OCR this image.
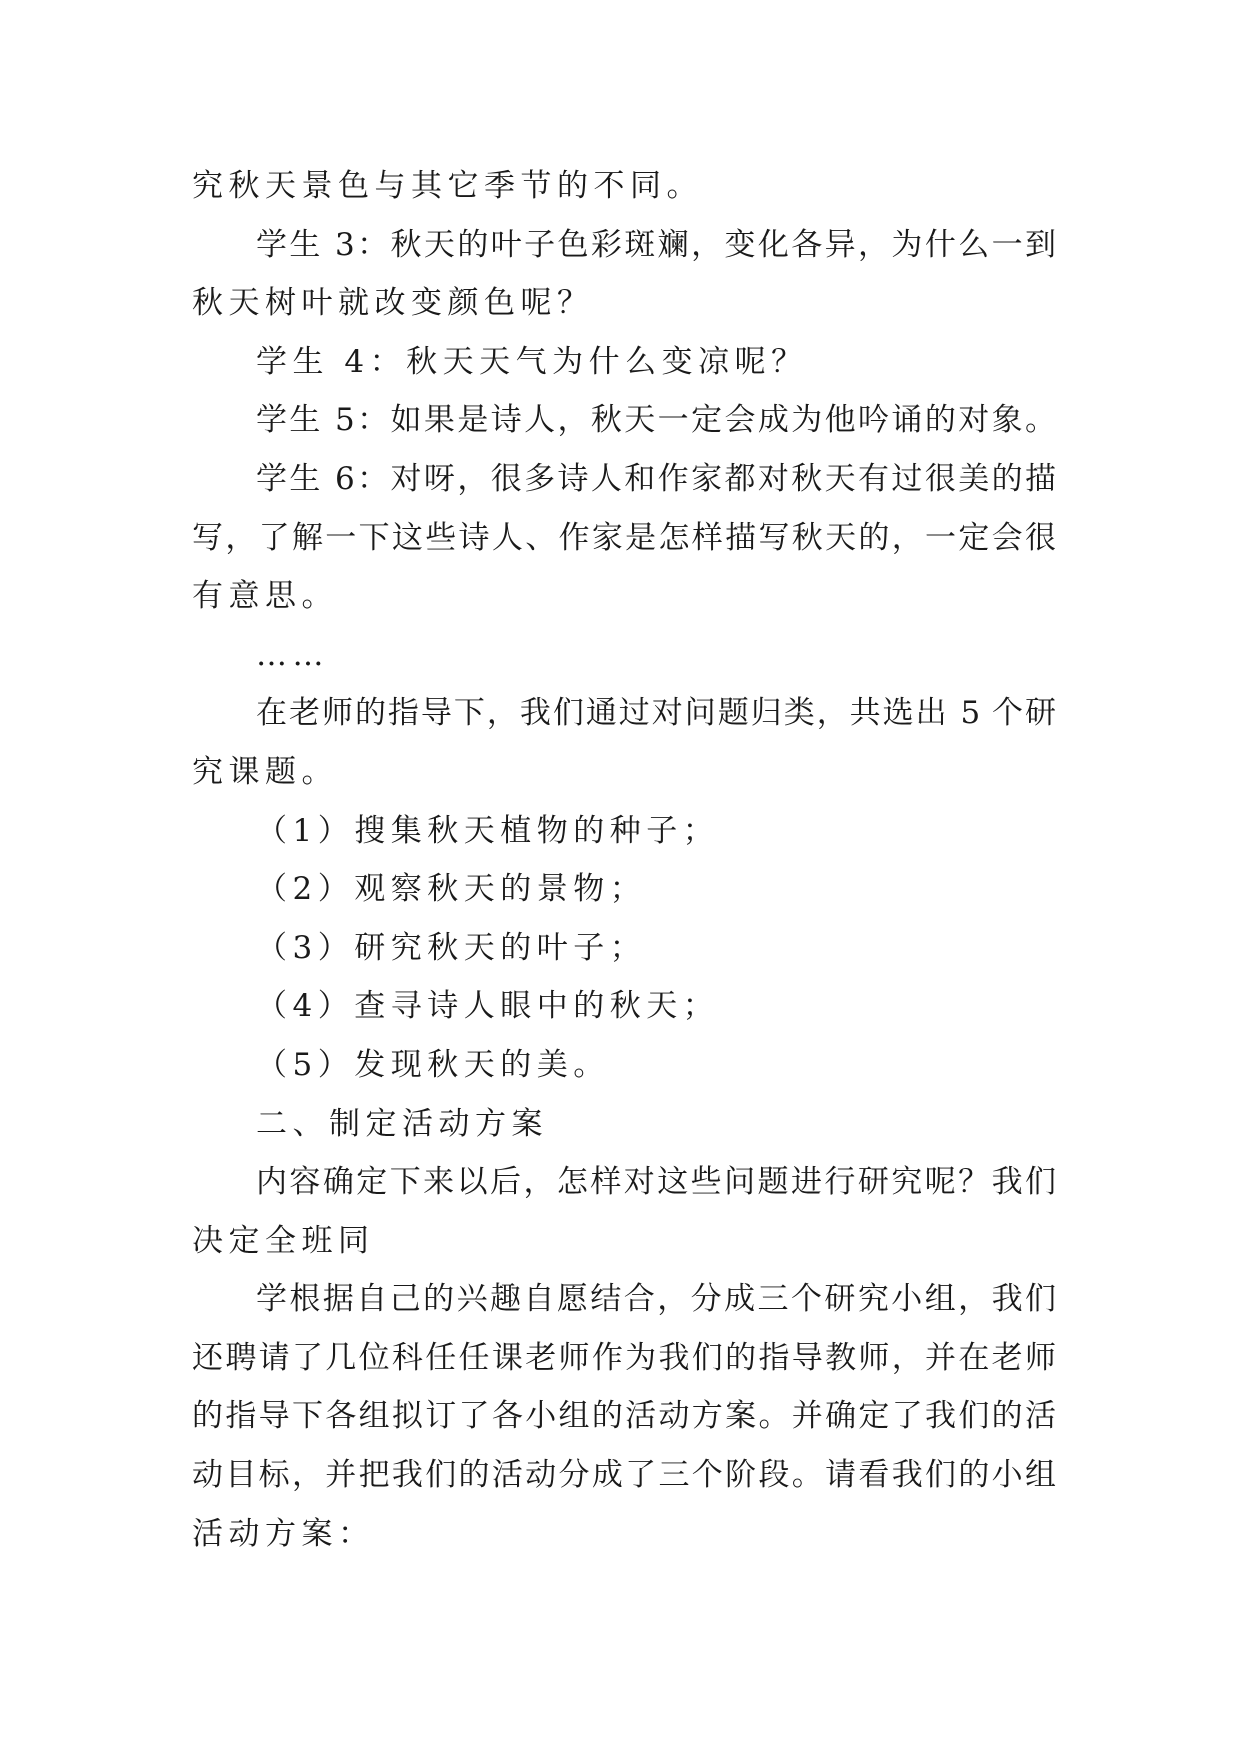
究秋天景色与其它季节的不同。
学生 3：秋天的叶子色彩斑斓，变化各异，为什么一到
秋天树叶就改变颜色呢？
学生 4：秋天天气为什么变凉呢？
学生 5：如果是诗人，秋天一定会成为他吟诵的对象。
学生 6：对呀，很多诗人和作家都对秋天有过很美的描
写，了解一下这些诗人、作家是怎样描写秋天的，一定会很
有意思。
……
在老师的指导下，我们通过对问题归类，共选出 5 个研
究课题。
（1）搜集秋天植物的种子；
（2）观察秋天的景物；
（3）研究秋天的叶子；
（4）查寻诗人眼中的秋天；
（5）发现秋天的美。
二、制定活动方案
内容确定下来以后，怎样对这些问题进行研究呢？我们
决定全班同
学根据自己的兴趣自愿结合，分成三个研究小组，我们
还聘请了几位科任任课老师作为我们的指导教师，并在老师
的指导下各组拟订了各小组的活动方案。并确定了我们的活
动目标，并把我们的活动分成了三个阶段。请看我们的小组
活动方案：
